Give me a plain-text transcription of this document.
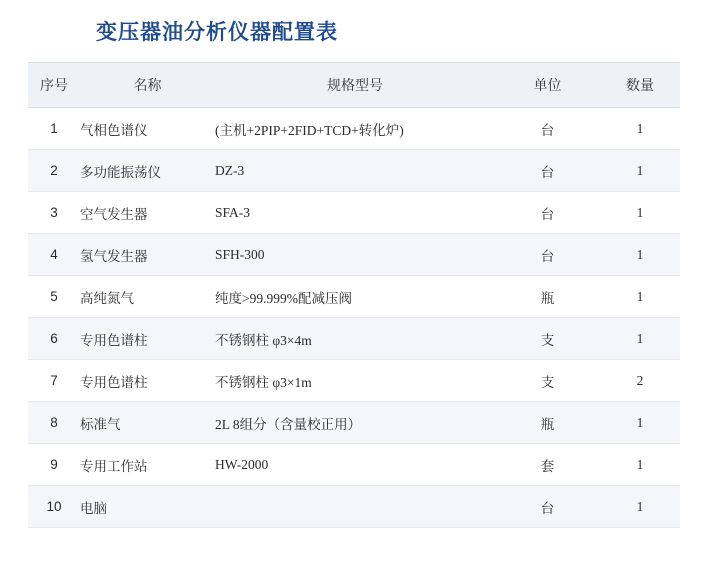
变压器油分析仪器配置表
序号	名称	规格型号	单位	数量
1	气相色谱仪	(主机+2PIP+2FID+TCD+转化炉)	台	1
2	多功能振荡仪	DZ-3	台	1
3	空气发生器	SFA-3	台	1
4	氢气发生器	SFH-300	台	1
5	高纯氮气	纯度>99.999%配减压阀	瓶	1
6	专用色谱柱	不锈钢柱 φ3×4m	支	1
7	专用色谱柱	不锈钢柱 φ3×1m	支	2
8	标准气	2L 8组分（含量校正用）	瓶	1
9	专用工作站	HW-2000	套	1
10	电脑		台	1
